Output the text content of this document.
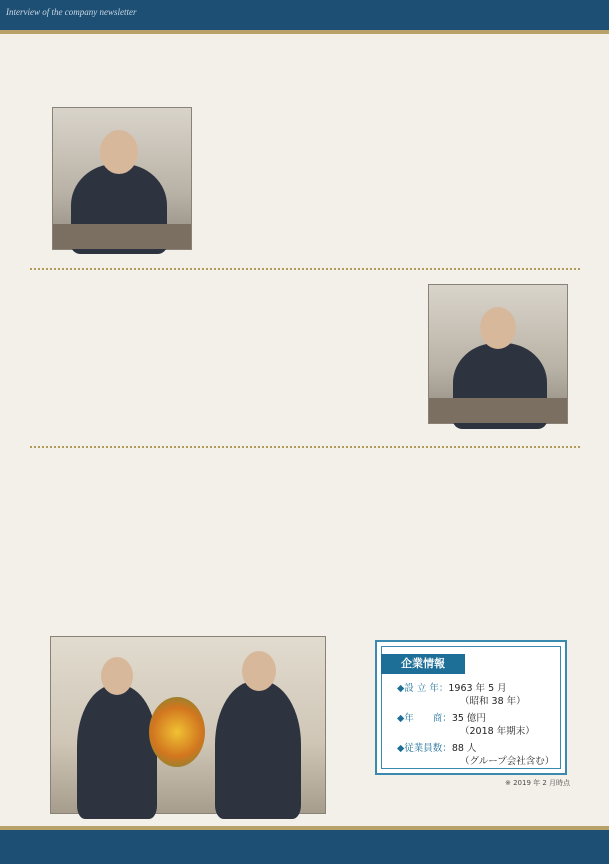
Interview of the company newsletter
企業情報
◆設 立 年：1963 年 5 月
（昭和 38 年）
◆年　　商：35 億円
（2018 年期末）
◆従業員数：88 人
（グループ会社含む）
※ 2019 年 2 月時点
